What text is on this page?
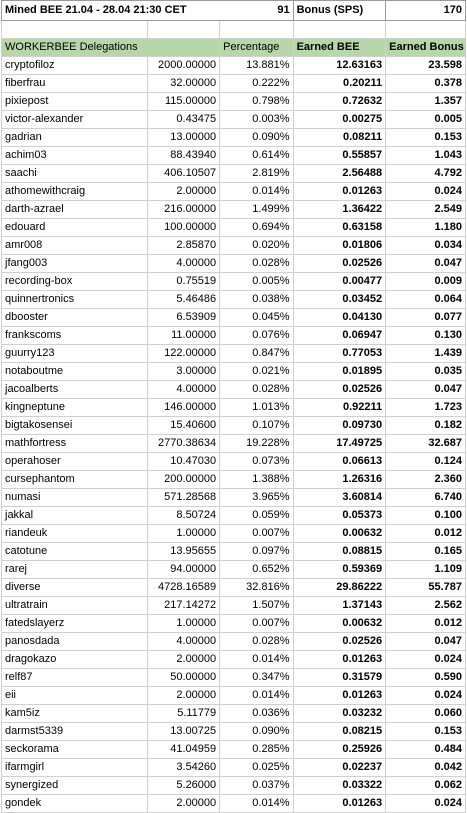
Mined BEE 21.04 - 28.04 21:30 CET		91	Bonus (SPS)	170

WORKERBEE Delegations		Percentage	Earned BEE	Earned Bonus
cryptofiloz	2000.00000	13.881%	12.63163	23.598
fiberfrau	32.00000	0.222%	0.20211	0.378
pixiepost	115.00000	0.798%	0.72632	1.357
victor-alexander	0.43475	0.003%	0.00275	0.005
gadrian	13.00000	0.090%	0.08211	0.153
achim03	88.43940	0.614%	0.55857	1.043
saachi	406.10507	2.819%	2.56488	4.792
athomewithcraig	2.00000	0.014%	0.01263	0.024
darth-azrael	216.00000	1.499%	1.36422	2.549
edouard	100.00000	0.694%	0.63158	1.180
amr008	2.85870	0.020%	0.01806	0.034
jfang003	4.00000	0.028%	0.02526	0.047
recording-box	0.75519	0.005%	0.00477	0.009
quinnertronics	5.46486	0.038%	0.03452	0.064
dbooster	6.53909	0.045%	0.04130	0.077
frankscoms	11.00000	0.076%	0.06947	0.130
guurry123	122.00000	0.847%	0.77053	1.439
notaboutme	3.00000	0.021%	0.01895	0.035
jacoalberts	4.00000	0.028%	0.02526	0.047
kingneptune	146.00000	1.013%	0.92211	1.723
bigtakosensei	15.40600	0.107%	0.09730	0.182
mathfortress	2770.38634	19.228%	17.49725	32.687
operahoser	10.47030	0.073%	0.06613	0.124
cursephantom	200.00000	1.388%	1.26316	2.360
numasi	571.28568	3.965%	3.60814	6.740
jakkal	8.50724	0.059%	0.05373	0.100
riandeuk	1.00000	0.007%	0.00632	0.012
catotune	13.95655	0.097%	0.08815	0.165
rarej	94.00000	0.652%	0.59369	1.109
diverse	4728.16589	32.816%	29.86222	55.787
ultratrain	217.14272	1.507%	1.37143	2.562
fatedslayerz	1.00000	0.007%	0.00632	0.012
panosdada	4.00000	0.028%	0.02526	0.047
dragokazo	2.00000	0.014%	0.01263	0.024
relf87	50.00000	0.347%	0.31579	0.590
eii	2.00000	0.014%	0.01263	0.024
kam5iz	5.11779	0.036%	0.03232	0.060
darmst5339	13.00725	0.090%	0.08215	0.153
seckorama	41.04959	0.285%	0.25926	0.484
ifarmgirl	3.54260	0.025%	0.02237	0.042
synergized	5.26000	0.037%	0.03322	0.062
gondek	2.00000	0.014%	0.01263	0.024
